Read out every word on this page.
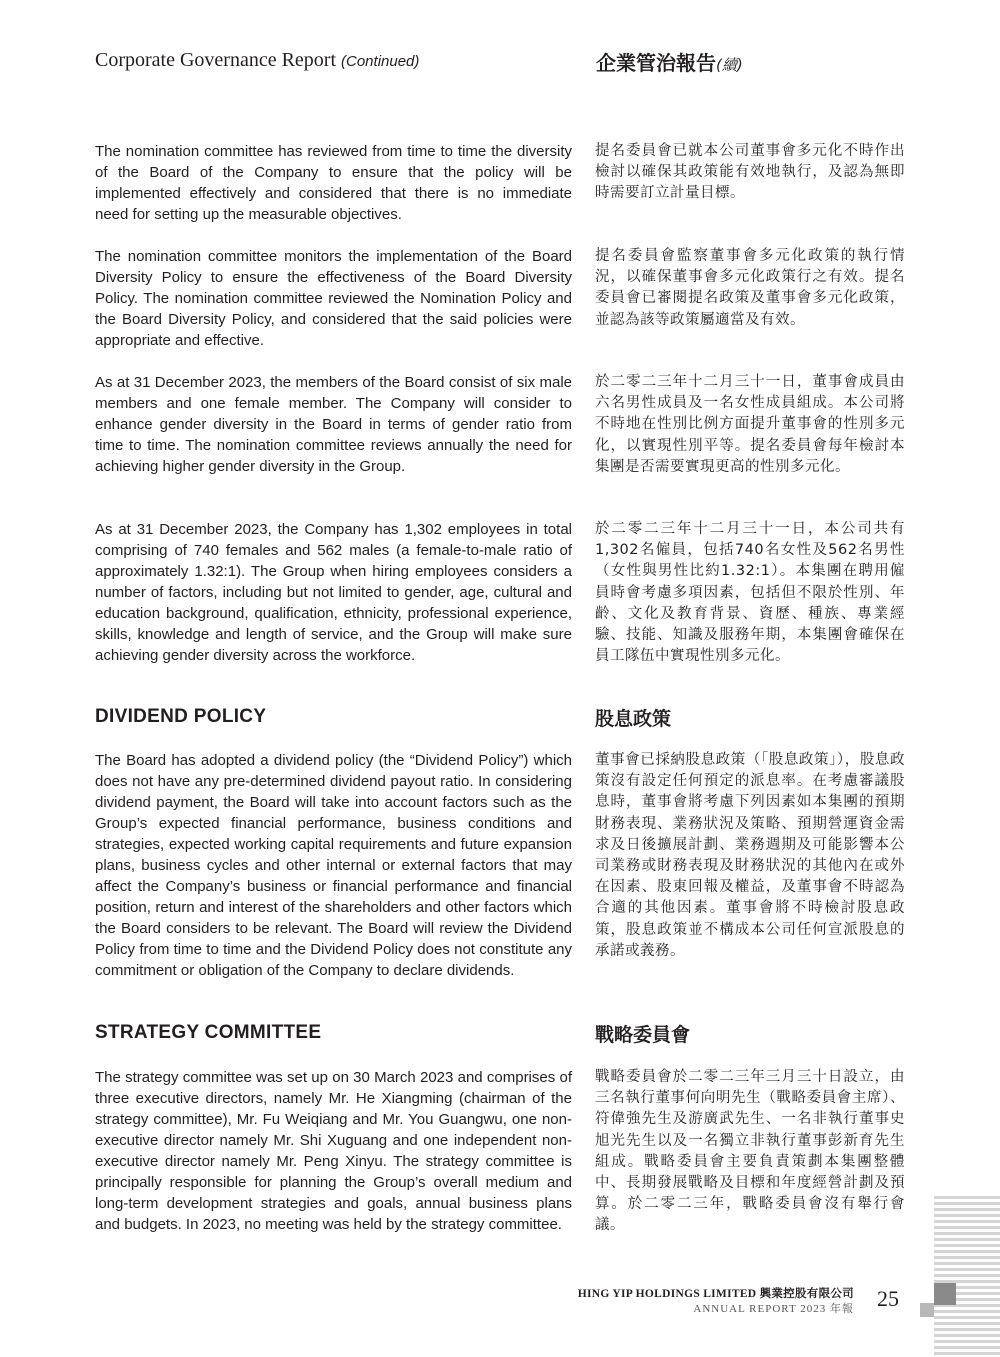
Corporate Governance Report (Continued)	企業管治報告(續)

The nomination committee has reviewed from time to time the diversity of the Board of the Company to ensure that the policy will be implemented effectively and considered that there is no immediate need for setting up the measurable objectives.

提名委員會已就本公司董事會多元化不時作出檢討以確保其政策能有效地執行，及認為無即時需要訂立計量目標。

The nomination committee monitors the implementation of the Board Diversity Policy to ensure the effectiveness of the Board Diversity Policy. The nomination committee reviewed the Nomination Policy and the Board Diversity Policy, and considered that the said policies were appropriate and effective.

提名委員會監察董事會多元化政策的執行情況，以確保董事會多元化政策行之有效。提名委員會已審閱提名政策及董事會多元化政策，並認為該等政策屬適當及有效。

As at 31 December 2023, the members of the Board consist of six male members and one female member. The Company will consider to enhance gender diversity in the Board in terms of gender ratio from time to time. The nomination committee reviews annually the need for achieving higher gender diversity in the Group.

於二零二三年十二月三十一日，董事會成員由六名男性成員及一名女性成員組成。本公司將不時地在性別比例方面提升董事會的性別多元化，以實現性別平等。提名委員會每年檢討本集團是否需要實現更高的性別多元化。

As at 31 December 2023, the Company has 1,302 employees in total comprising of 740 females and 562 males (a female-to-male ratio of approximately 1.32:1). The Group when hiring employees considers a number of factors, including but not limited to gender, age, cultural and education background, qualification, ethnicity, professional experience, skills, knowledge and length of service, and the Group will make sure achieving gender diversity across the workforce.

於二零二三年十二月三十一日，本公司共有1,302名僱員，包括740名女性及562名男性（女性與男性比約1.32:1）。本集團在聘用僱員時會考慮多項因素，包括但不限於性別、年齡、文化及教育背景、資歷、種族、專業經驗、技能、知識及服務年期，本集團會確保在員工隊伍中實現性別多元化。

DIVIDEND POLICY	股息政策

The Board has adopted a dividend policy (the “Dividend Policy”) which does not have any pre-determined dividend payout ratio. In considering dividend payment, the Board will take into account factors such as the Group’s expected financial performance, business conditions and strategies, expected working capital requirements and future expansion plans, business cycles and other internal or external factors that may affect the Company’s business or financial performance and financial position, return and interest of the shareholders and other factors which the Board considers to be relevant. The Board will review the Dividend Policy from time to time and the Dividend Policy does not constitute any commitment or obligation of the Company to declare dividends.

董事會已採納股息政策（「股息政策」），股息政策沒有設定任何預定的派息率。在考慮審議股息時，董事會將考慮下列因素如本集團的預期財務表現、業務狀況及策略、預期營運資金需求及日後擴展計劃、業務週期及可能影響本公司業務或財務表現及財務狀況的其他內在或外在因素、股東回報及權益，及董事會不時認為合適的其他因素。董事會將不時檢討股息政策，股息政策並不構成本公司任何宣派股息的承諾或義務。

STRATEGY COMMITTEE	戰略委員會

The strategy committee was set up on 30 March 2023 and comprises of three executive directors, namely Mr. He Xiangming (chairman of the strategy committee), Mr. Fu Weiqiang and Mr. You Guangwu, one non-executive director namely Mr. Shi Xuguang and one independent non-executive director namely Mr. Peng Xinyu. The strategy committee is principally responsible for planning the Group’s overall medium and long-term development strategies and goals, annual business plans and budgets. In 2023, no meeting was held by the strategy committee.

戰略委員會於二零二三年三月三十日設立，由三名執行董事何向明先生（戰略委員會主席）、符偉強先生及游廣武先生、一名非執行董事史旭光先生以及一名獨立非執行董事彭新育先生組成。戰略委員會主要負責策劃本集團整體中、長期發展戰略及目標和年度經營計劃及預算。於二零二三年，戰略委員會沒有舉行會議。

HING YIP HOLDINGS LIMITED 興業控股有限公司
ANNUAL REPORT 2023 年報 25
